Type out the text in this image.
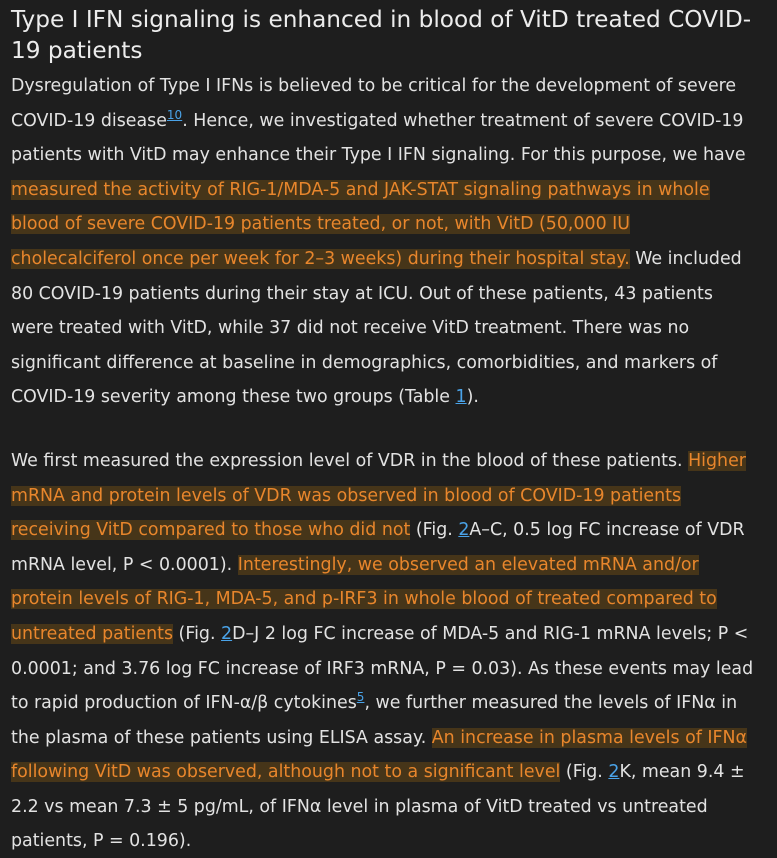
Type I IFN signaling is enhanced in blood of VitD treated COVID-19 patients

Dysregulation of Type I IFNs is believed to be critical for the development of severe COVID-19 disease$^{10}$. Hence, we investigated whether treatment of severe COVID-19 patients with VitD may enhance their Type I IFN signaling. For this purpose, we have measured the activity of RIG-1/MDA-5 and JAK-STAT signaling pathways in whole blood of severe COVID-19 patients treated, or not, with VitD (50,000 IU cholecalciferol once per week for 2–3 weeks) during their hospital stay. We included 80 COVID-19 patients during their stay at ICU. Out of these patients, 43 patients were treated with VitD, while 37 did not receive VitD treatment. There was no significant difference at baseline in demographics, comorbidities, and markers of COVID-19 severity among these two groups (Table 1).

We first measured the expression level of VDR in the blood of these patients. Higher mRNA and protein levels of VDR was observed in blood of COVID-19 patients receiving VitD compared to those who did not (Fig. 2A–C, 0.5 log FC increase of VDR mRNA level, P < 0.0001). Interestingly, we observed an elevated mRNA and/or protein levels of RIG-1, MDA-5, and p-IRF3 in whole blood of treated compared to untreated patients (Fig. 2D–J 2 log FC increase of MDA-5 and RIG-1 mRNA levels; P < 0.0001; and 3.76 log FC increase of IRF3 mRNA, P = 0.03). As these events may lead to rapid production of IFN-α/β cytokines$^5$, we further measured the levels of IFNα in the plasma of these patients using ELISA assay. An increase in plasma levels of IFNα following VitD was observed, although not to a significant level (Fig. 2K, mean 9.4 ± 2.2 vs mean 7.3 ± 5 pg/mL, of IFNα level in plasma of VitD treated vs untreated patients, P = 0.196).
